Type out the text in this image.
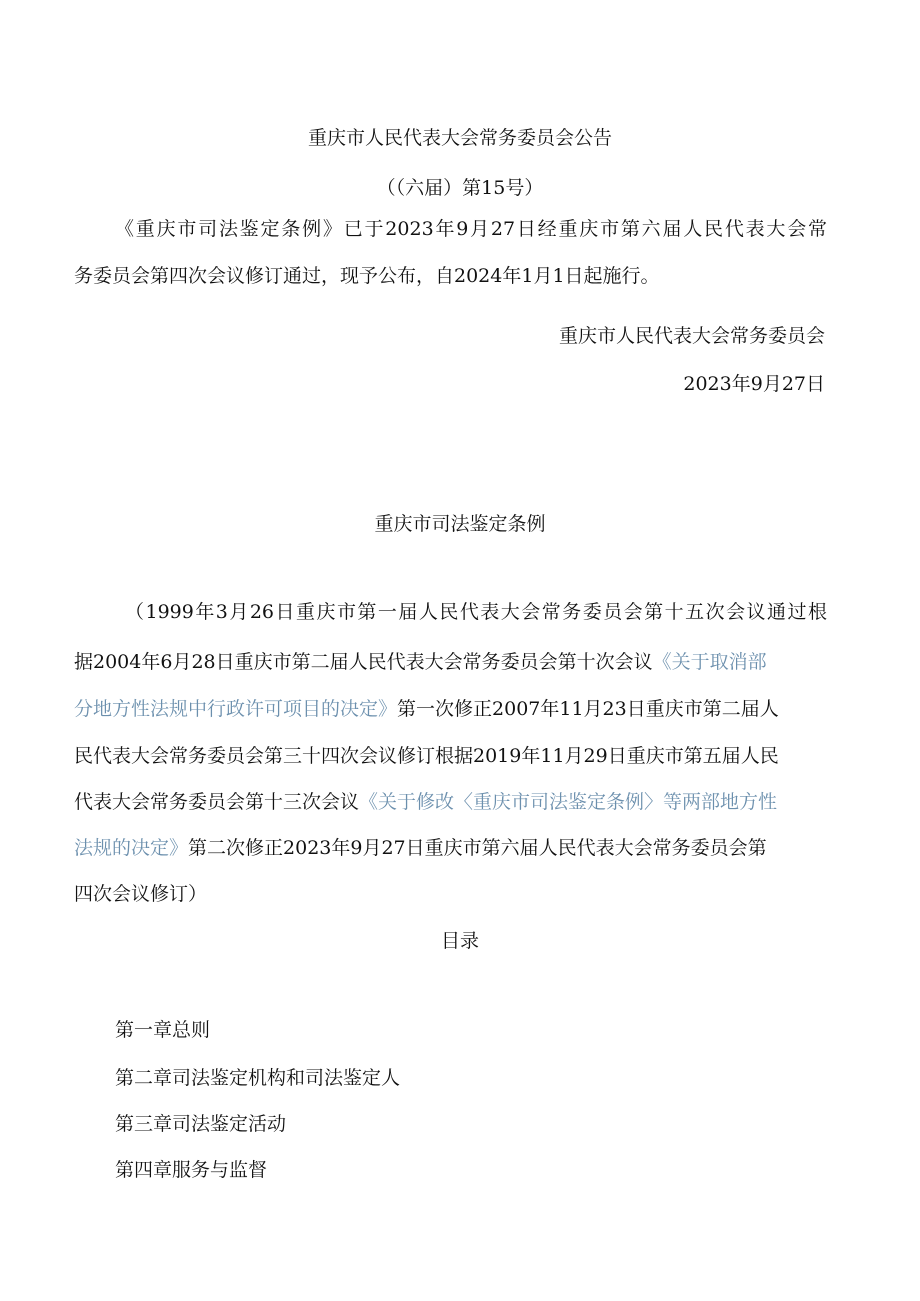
重庆市人民代表大会常务委员会公告
（（六届）第15号）
《重庆市司法鉴定条例》已于2023年9月27日经重庆市第六届人民代表大会常
务委员会第四次会议修订通过，现予公布，自2024年1月1日起施行。
重庆市人民代表大会常务委员会
2023年9月27日
重庆市司法鉴定条例
（1999年3月26日重庆市第一届人民代表大会常务委员会第十五次会议通过根
据2004年6月28日重庆市第二届人民代表大会常务委员会第十次会议《关于取消部
分地方性法规中行政许可项目的决定》第一次修正2007年11月23日重庆市第二届人
民代表大会常务委员会第三十四次会议修订根据2019年11月29日重庆市第五届人民
代表大会常务委员会第十三次会议《关于修改〈重庆市司法鉴定条例〉等两部地方性
法规的决定》第二次修正2023年9月27日重庆市第六届人民代表大会常务委员会第
四次会议修订）
目录
第一章总则
第二章司法鉴定机构和司法鉴定人
第三章司法鉴定活动
第四章服务与监督
